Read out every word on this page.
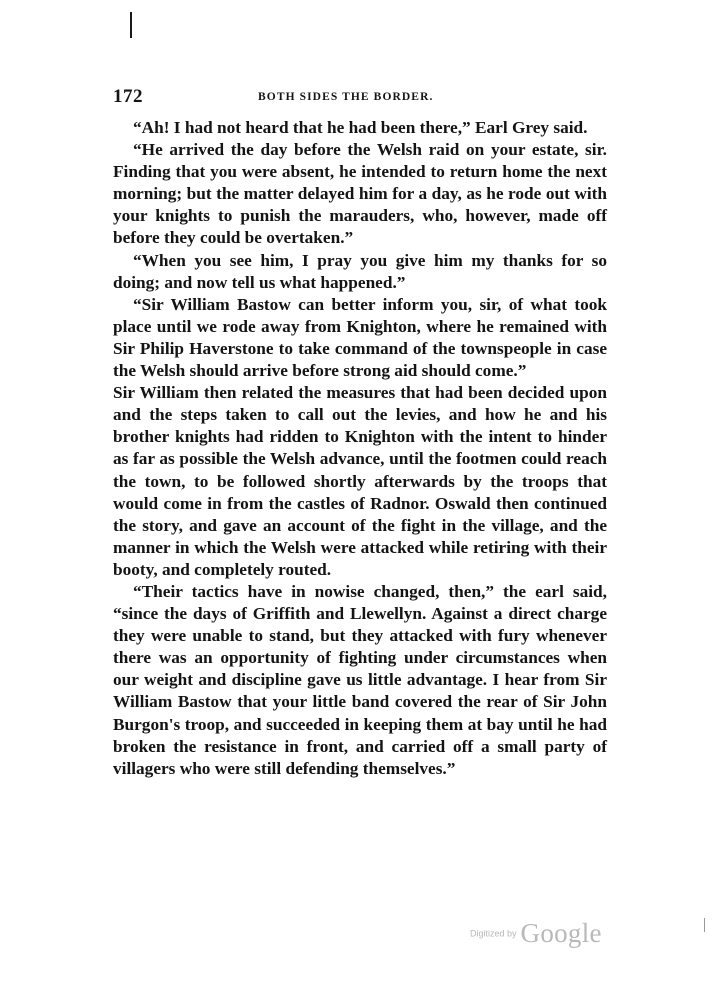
172	BOTH SIDES THE BORDER.

“Ah! I had not heard that he had been there,” Earl Grey said.

“He arrived the day before the Welsh raid on your estate, sir. Finding that you were absent, he intended to return home the next morning; but the matter delayed him for a day, as he rode out with your knights to punish the marauders, who, however, made off before they could be overtaken.”

“When you see him, I pray you give him my thanks for so doing; and now tell us what happened.”

“Sir William Bastow can better inform you, sir, of what took place until we rode away from Knighton, where he remained with Sir Philip Haverstone to take command of the townspeople in case the Welsh should arrive before strong aid should come.”

Sir William then related the measures that had been decided upon and the steps taken to call out the levies, and how he and his brother knights had ridden to Knighton with the intent to hinder as far as possible the Welsh advance, until the footmen could reach the town, to be followed shortly afterwards by the troops that would come in from the castles of Radnor. Oswald then continued the story, and gave an account of the fight in the village, and the manner in which the Welsh were attacked while retiring with their booty, and completely routed.

“Their tactics have in nowise changed, then,” the earl said, “since the days of Griffith and Llewellyn. Against a direct charge they were unable to stand, but they attacked with fury whenever there was an opportunity of fighting under circumstances when our weight and discipline gave us little advantage. I hear from Sir William Bastow that your little band covered the rear of Sir John Burgon's troop, and succeeded in keeping them at bay until he had broken the resistance in front, and carried off a small party of villagers who were still defending themselves.”

Digitized by Google
